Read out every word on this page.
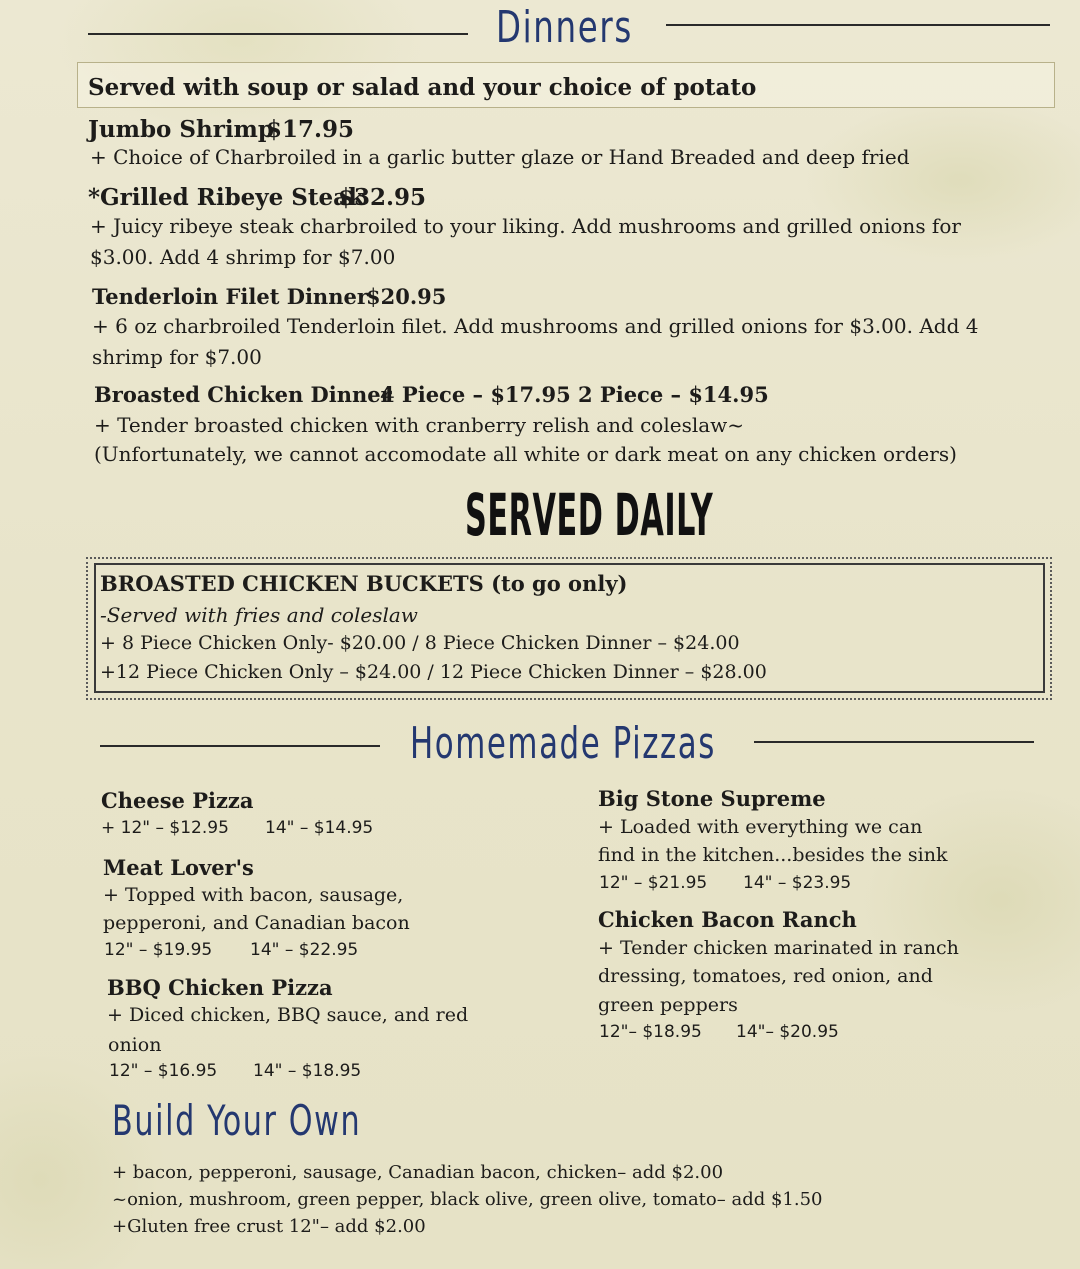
Dinners
Served with soup or salad and your choice of potato
Jumbo Shrimp
$17.95
+ Choice of Charbroiled in a garlic butter glaze or Hand Breaded and deep fried
*Grilled Ribeye Steak
$32.95
+ Juicy ribeye steak charbroiled to your liking. Add mushrooms and grilled onions for
$3.00. Add 4 shrimp for $7.00
Tenderloin Filet Dinner
$20.95
+ 6 oz charbroiled Tenderloin filet. Add mushrooms and grilled onions for $3.00. Add 4
shrimp for $7.00
Broasted Chicken Dinner
4 Piece – $17.95 2 Piece – $14.95
+ Tender broasted chicken with cranberry relish and coleslaw~
(Unfortunately, we cannot accomodate all white or dark meat on any chicken orders)
SERVED DAILY
BROASTED CHICKEN BUCKETS (to go only)
-Served with fries and coleslaw
+ 8 Piece Chicken Only- $20.00 / 8 Piece Chicken Dinner – $24.00
+12 Piece Chicken Only – $24.00 / 12 Piece Chicken Dinner – $28.00
Homemade Pizzas
Cheese Pizza
+ 12" – $12.95 14" – $14.95
Meat Lover's
+ Topped with bacon, sausage,
pepperoni, and Canadian bacon
12" – $19.95 14" – $22.95
BBQ Chicken Pizza
+ Diced chicken, BBQ sauce, and red
onion
12" – $16.95 14" – $18.95
Big Stone Supreme
+ Loaded with everything we can
find in the kitchen...besides the sink
12" – $21.95 14" – $23.95
Chicken Bacon Ranch
+ Tender chicken marinated in ranch
dressing, tomatoes, red onion, and
green peppers
12"– $18.95 14"– $20.95
Build Your Own
+ bacon, pepperoni, sausage, Canadian bacon, chicken– add $2.00
~onion, mushroom, green pepper, black olive, green olive, tomato– add $1.50
+Gluten free crust 12"– add $2.00
